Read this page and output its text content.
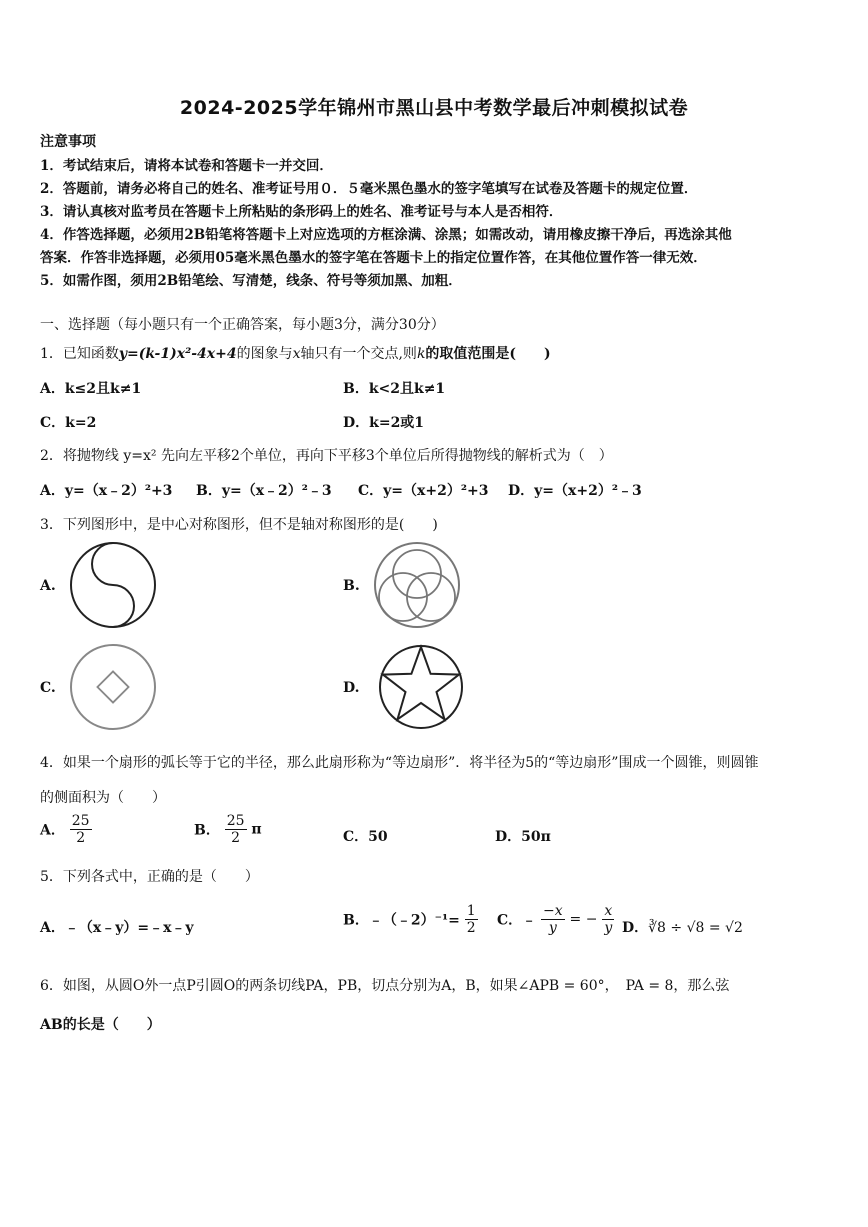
2024-2025学年锦州市黑山县中考数学最后冲刺模拟试卷
注意事项
1．考试结束后，请将本试卷和答题卡一并交回．
2．答题前，请务必将自己的姓名、准考证号用０．５毫米黑色墨水的签字笔填写在试卷及答题卡的规定位置．
3．请认真核对监考员在答题卡上所粘贴的条形码上的姓名、准考证号与本人是否相符．
4．作答选择题，必须用2B铅笔将答题卡上对应选项的方框涂满、涂黑；如需改动，请用橡皮擦干净后，再选涂其他
答案．作答非选择题，必须用05毫米黑色墨水的签字笔在答题卡上的指定位置作答，在其他位置作答一律无效．
5．如需作图，须用2B铅笔绘、写清楚，线条、符号等须加黑、加粗．
一、选择题（每小题只有一个正确答案，每小题3分，满分30分）
1．已知函数y=(k-1)x²-4x+4的图象与x轴只有一个交点,则k的取值范围是(　　)
A．k≤2且k≠1	B．k<2且k≠1
C．k=2	D．k=2或1
2．将抛物线 y=x² 先向左平移2个单位，再向下平移3个单位后所得抛物线的解析式为（　）
A．y=（x﹣2）²+3 B．y=（x﹣2）²﹣3 C．y=（x+2）²+3 D．y=（x+2）²﹣3
3．下列图形中，是中心对称图形，但不是轴对称图形的是(　　)
A.	B.
C.	D.
4．如果一个扇形的弧长等于它的半径，那么此扇形称为“等边扇形”．将半径为5的“等边扇形”围成一个圆锥，则圆锥
的侧面积为（　　）
A． $\frac{25}{2}$	B． $\frac{25}{2}$ π	C．50	D．50π
5．下列各式中，正确的是（　　）
A．﹣（x﹣y）=﹣x﹣y	B．﹣（﹣2）⁻¹= $\frac{1}{2}$ C．﹣ $\frac{-x}{y}$ = − $\frac{x}{y}$ D．∛8 ÷ √8 = √2
6．如图，从圆O外一点P引圆O的两条切线PA，PB，切点分别为A，B，如果∠APB = 60°，　PA = 8，那么弦
AB的长是（　　）
